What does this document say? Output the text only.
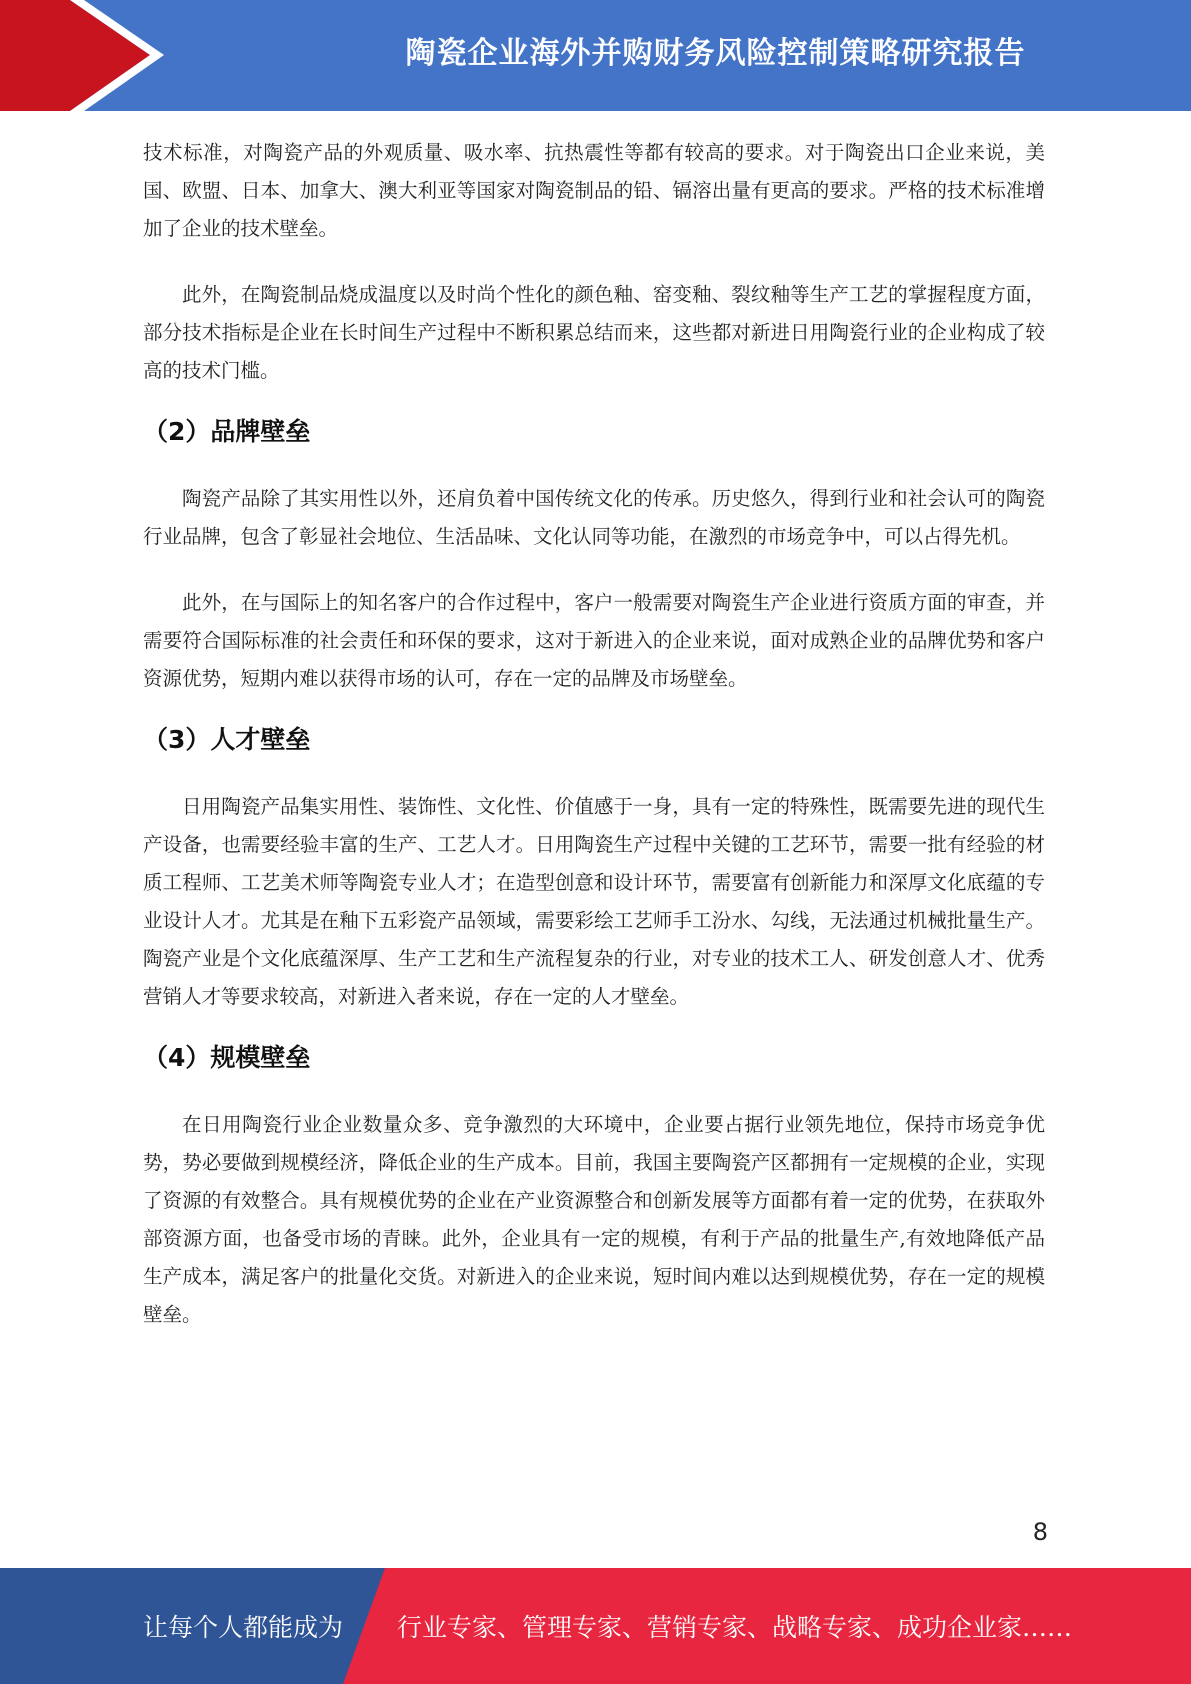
陶瓷企业海外并购财务风险控制策略研究报告

技术标准，对陶瓷产品的外观质量、吸水率、抗热震性等都有较高的要求。对于陶瓷出口企业来说，美国、欧盟、日本、加拿大、澳大利亚等国家对陶瓷制品的铅、镉溶出量有更高的要求。严格的技术标准增加了企业的技术壁垒。

此外，在陶瓷制品烧成温度以及时尚个性化的颜色釉、窑变釉、裂纹釉等生产工艺的掌握程度方面，部分技术指标是企业在长时间生产过程中不断积累总结而来，这些都对新进日用陶瓷行业的企业构成了较高的技术门槛。

（2）品牌壁垒

陶瓷产品除了其实用性以外，还肩负着中国传统文化的传承。历史悠久，得到行业和社会认可的陶瓷行业品牌，包含了彰显社会地位、生活品味、文化认同等功能，在激烈的市场竞争中，可以占得先机。

此外，在与国际上的知名客户的合作过程中，客户一般需要对陶瓷生产企业进行资质方面的审查，并需要符合国际标准的社会责任和环保的要求，这对于新进入的企业来说，面对成熟企业的品牌优势和客户资源优势，短期内难以获得市场的认可，存在一定的品牌及市场壁垒。

（3）人才壁垒

日用陶瓷产品集实用性、装饰性、文化性、价值感于一身，具有一定的特殊性，既需要先进的现代生产设备，也需要经验丰富的生产、工艺人才。日用陶瓷生产过程中关键的工艺环节，需要一批有经验的材质工程师、工艺美术师等陶瓷专业人才；在造型创意和设计环节，需要富有创新能力和深厚文化底蕴的专业设计人才。尤其是在釉下五彩瓷产品领域，需要彩绘工艺师手工汾水、勾线，无法通过机械批量生产。陶瓷产业是个文化底蕴深厚、生产工艺和生产流程复杂的行业，对专业的技术工人、研发创意人才、优秀营销人才等要求较高，对新进入者来说，存在一定的人才壁垒。

（4）规模壁垒

在日用陶瓷行业企业数量众多、竞争激烈的大环境中，企业要占据行业领先地位，保持市场竞争优势，势必要做到规模经济，降低企业的生产成本。目前，我国主要陶瓷产区都拥有一定规模的企业，实现了资源的有效整合。具有规模优势的企业在产业资源整合和创新发展等方面都有着一定的优势，在获取外部资源方面，也备受市场的青睐。此外，企业具有一定的规模，有利于产品的批量生产,有效地降低产品生产成本，满足客户的批量化交货。对新进入的企业来说，短时间内难以达到规模优势，存在一定的规模壁垒。

8
让每个人都能成为 行业专家、管理专家、营销专家、战略专家、成功企业家……
